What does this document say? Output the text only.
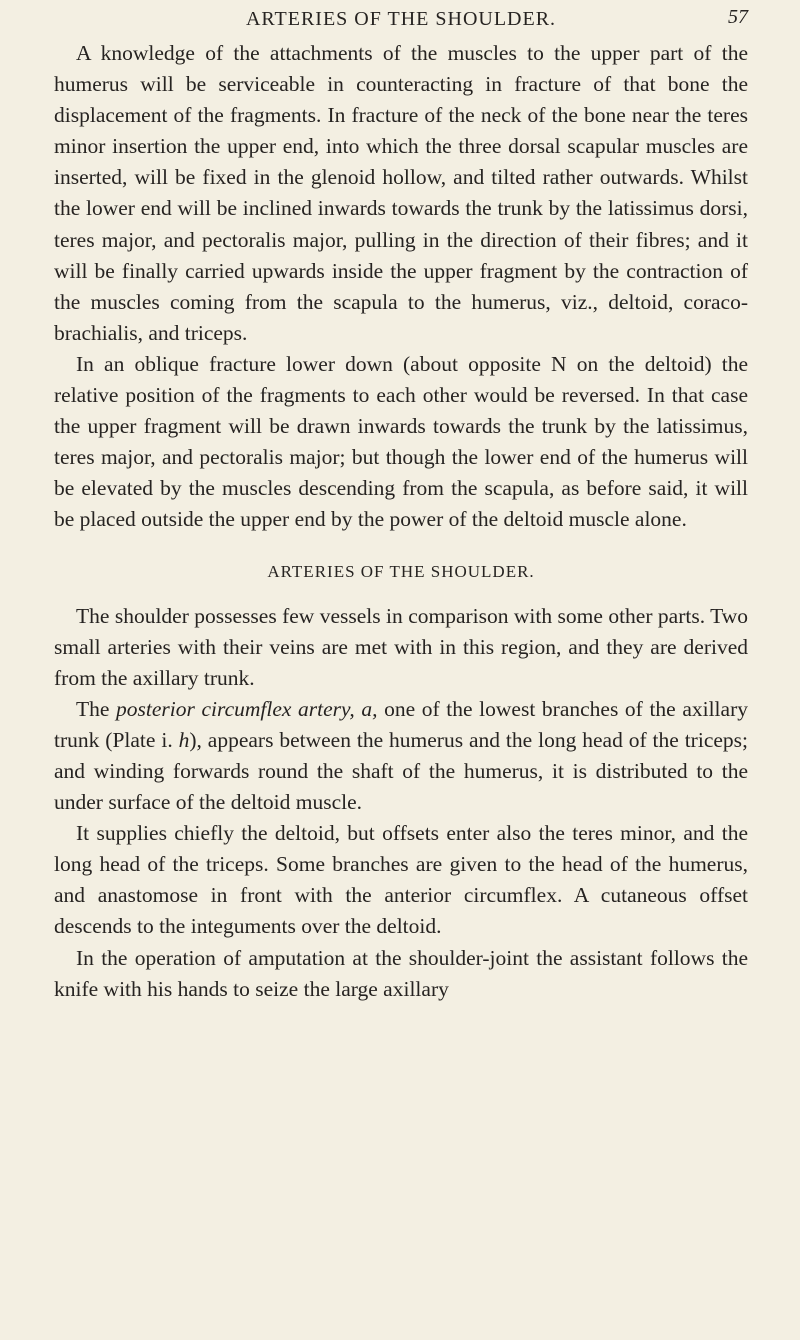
ARTERIES OF THE SHOULDER.	57

A knowledge of the attachments of the muscles to the upper part of the humerus will be serviceable in counteracting in fracture of that bone the displacement of the fragments. In fracture of the neck of the bone near the teres minor insertion the upper end, into which the three dorsal scapular muscles are inserted, will be fixed in the glenoid hollow, and tilted rather outwards. Whilst the lower end will be inclined inwards towards the trunk by the latissimus dorsi, teres major, and pectoralis major, pulling in the direction of their fibres; and it will be finally carried upwards inside the upper fragment by the contraction of the muscles coming from the scapula to the humerus, viz., deltoid, coraco-brachialis, and triceps.

In an oblique fracture lower down (about opposite N on the deltoid) the relative position of the fragments to each other would be reversed. In that case the upper fragment will be drawn inwards towards the trunk by the latissimus, teres major, and pectoralis major; but though the lower end of the humerus will be elevated by the muscles descending from the scapula, as before said, it will be placed outside the upper end by the power of the deltoid muscle alone.

ARTERIES OF THE SHOULDER.

The shoulder possesses few vessels in comparison with some other parts. Two small arteries with their veins are met with in this region, and they are derived from the axillary trunk.

The posterior circumflex artery, a, one of the lowest branches of the axillary trunk (Plate i. h), appears between the humerus and the long head of the triceps; and winding forwards round the shaft of the humerus, it is distributed to the under surface of the deltoid muscle.

It supplies chiefly the deltoid, but offsets enter also the teres minor, and the long head of the triceps. Some branches are given to the head of the humerus, and anastomose in front with the anterior circumflex. A cutaneous offset descends to the integuments over the deltoid.

In the operation of amputation at the shoulder-joint the assistant follows the knife with his hands to seize the large axillary
